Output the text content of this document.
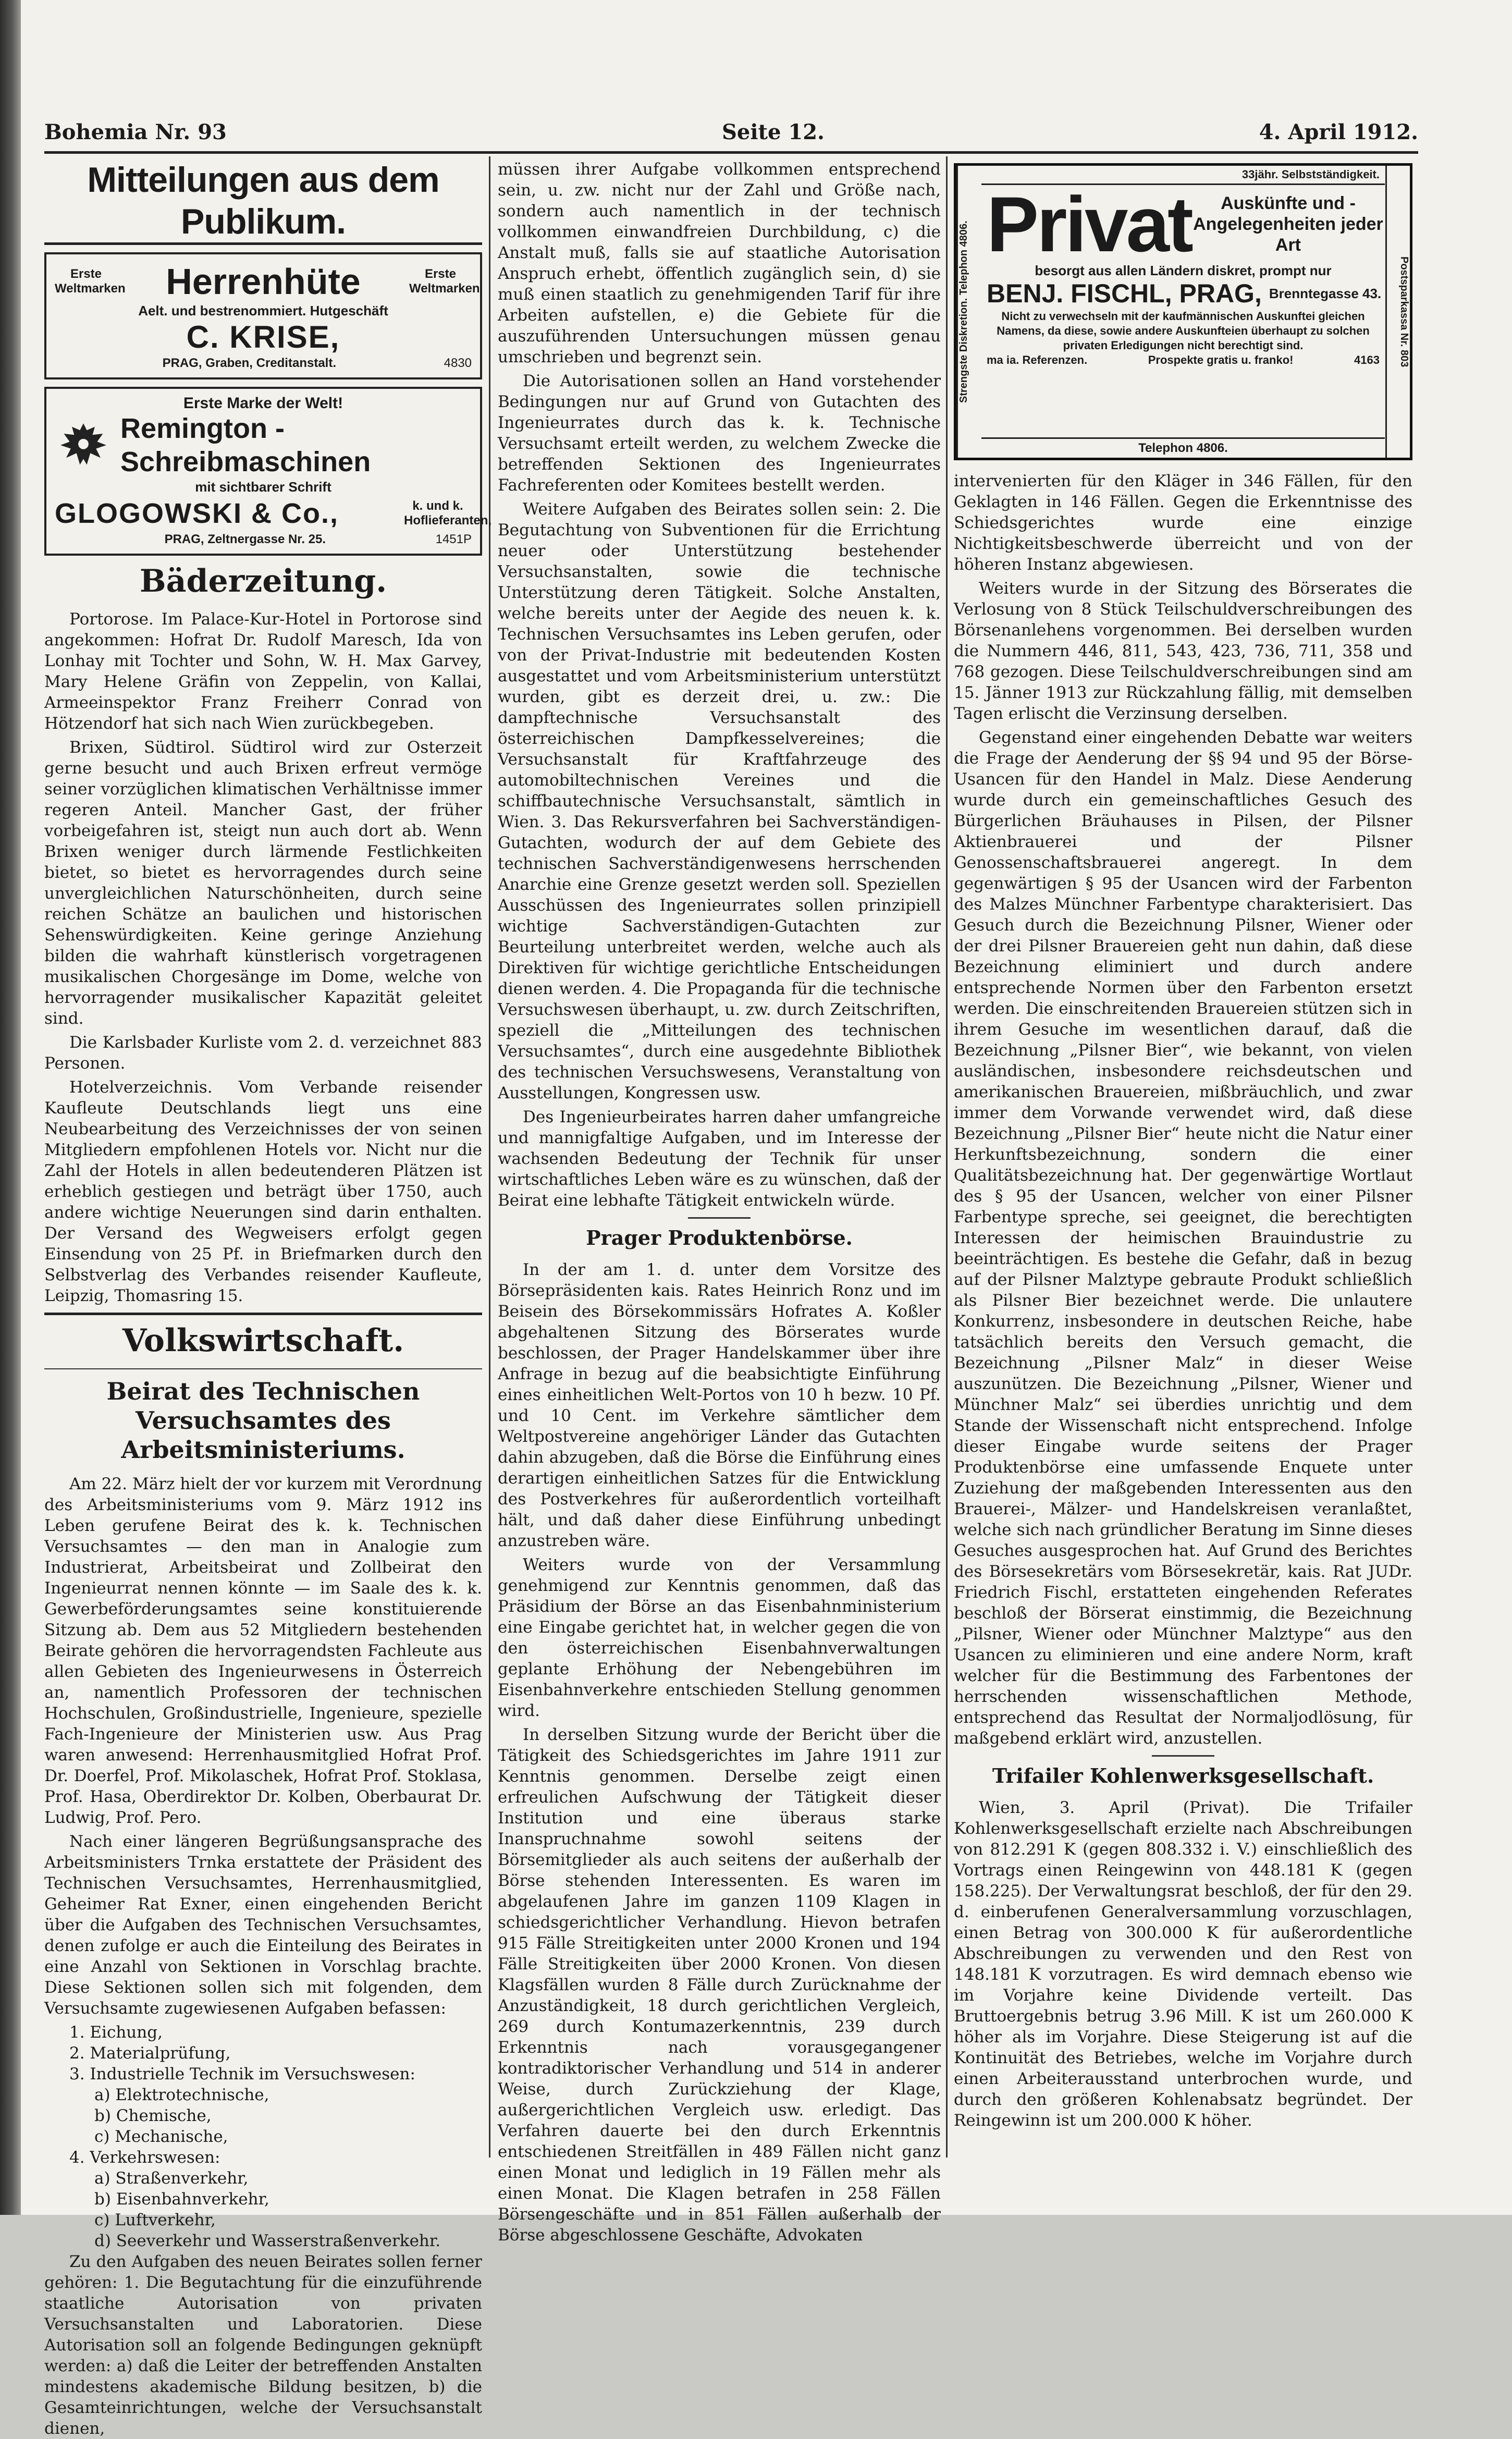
Bohemia Nr. 93	Seite 12.	4. April 1912.
Mitteilungen aus dem Publikum.
Erste Weltmarken Herrenhüte	Erste Weltmarken
Aelt. und bestrenommiert. Hutgeschäft
C. KRISE,
PRAG, Graben, Creditanstalt.	4830
Erste Marke der Welt!
Remington - Schreibmaschinen
mit sichtbarer Schrift
GLOGOWSKI & Co.,	k. und k. Hoflieferanten,
PRAG, Zeltnergasse Nr. 25.	1451P
Bäderzeitung.

Portorose. Im Palace-Kur-Hotel in Portorose sind angekommen: Hofrat Dr. Rudolf Maresch, Ida von Lonhay mit Tochter und Sohn, W. H. Max Garvey, Mary Helene Gräfin von Zeppelin, von Kallai, Armeeinspektor Franz Freiherr Conrad von Hötzendorf hat sich nach Wien zurückbegeben.

Brixen, Südtirol. Südtirol wird zur Osterzeit gerne besucht und auch Brixen erfreut vermöge seiner vorzüglichen klimatischen Verhältnisse immer regeren Anteil. Mancher Gast, der früher vorbeigefahren ist, steigt nun auch dort ab. Wenn Brixen weniger durch lärmende Festlichkeiten bietet, so bietet es hervorragendes durch seine unvergleichlichen Naturschönheiten, durch seine reichen Schätze an baulichen und historischen Sehenswürdigkeiten. Keine geringe Anziehung bilden die wahrhaft künstlerisch vorgetragenen musikalischen Chorgesänge im Dome, welche von hervorragender musikalischer Kapazität geleitet sind.

Die Karlsbader Kurliste vom 2. d. verzeichnet 883 Personen.

Hotelverzeichnis. Vom Verbande reisender Kaufleute Deutschlands liegt uns eine Neubearbeitung des Verzeichnisses der von seinen Mitgliedern empfohlenen Hotels vor. Nicht nur die Zahl der Hotels in allen bedeutenderen Plätzen ist erheblich gestiegen und beträgt über 1750, auch andere wichtige Neuerungen sind darin enthalten. Der Versand des Wegweisers erfolgt gegen Einsendung von 25 Pf. in Briefmarken durch den Selbstverlag des Verbandes reisender Kaufleute, Leipzig, Thomasring 15.

Volkswirtschaft.
Beirat des Technischen Versuchsamtes des Arbeitsministeriums.

Am 22. März hielt der vor kurzem mit Verordnung des Arbeitsministeriums vom 9. März 1912 ins Leben gerufene Beirat des k. k. Technischen Versuchsamtes — den man in Analogie zum Industrierat, Arbeitsbeirat und Zollbeirat den Ingenieurrat nennen könnte — im Saale des k. k. Gewerbeförderungsamtes seine konstituierende Sitzung ab. Dem aus 52 Mitgliedern bestehenden Beirate gehören die hervorragendsten Fachleute aus allen Gebieten des Ingenieurwesens in Österreich an, namentlich Professoren der technischen Hochschulen, Großindustrielle, Ingenieure, spezielle Fach-Ingenieure der Ministerien usw. Aus Prag waren anwesend: Herrenhausmitglied Hofrat Prof. Dr. Doerfel, Prof. Mikolaschek, Hofrat Prof. Stoklasa, Prof. Hasa, Oberdirektor Dr. Kolben, Oberbaurat Dr. Ludwig, Prof. Pero.

Nach einer längeren Begrüßungsansprache des Arbeitsministers Trnka erstattete der Präsident des Technischen Versuchsamtes, Herrenhausmitglied, Geheimer Rat Exner, einen eingehenden Bericht über die Aufgaben des Technischen Versuchsamtes, denen zufolge er auch die Einteilung des Beirates in eine Anzahl von Sektionen in Vorschlag brachte. Diese Sektionen sollen sich mit folgenden, dem Versuchsamte zugewiesenen Aufgaben befassen:

1. Eichung,

2. Materialprüfung,

3. Industrielle Technik im Versuchswesen:

a) Elektrotechnische,

b) Chemische,

c) Mechanische,

4. Verkehrswesen:

a) Straßenverkehr,

b) Eisenbahnverkehr,

c) Luftverkehr,

d) Seeverkehr und Wasserstraßenverkehr.

Zu den Aufgaben des neuen Beirates sollen ferner gehören: 1. Die Begutachtung für die einzuführende staatliche Autorisation von privaten Versuchsanstalten und Laboratorien. Diese Autorisation soll an folgende Bedingungen geknüpft werden: a) daß die Leiter der betreffenden Anstalten mindestens akademische Bildung besitzen, b) die Gesamteinrichtungen, welche der Versuchsanstalt dienen,

müssen ihrer Aufgabe vollkommen entsprechend sein, u. zw. nicht nur der Zahl und Größe nach, sondern auch namentlich in der technisch vollkommen einwandfreien Durchbildung, c) die Anstalt muß, falls sie auf staatliche Autorisation Anspruch erhebt, öffentlich zugänglich sein, d) sie muß einen staatlich zu genehmigenden Tarif für ihre Arbeiten aufstellen, e) die Gebiete für die auszuführenden Untersuchungen müssen genau umschrieben und begrenzt sein.

Die Autorisationen sollen an Hand vorstehender Bedingungen nur auf Grund von Gutachten des Ingenieurrates durch das k. k. Technische Versuchsamt erteilt werden, zu welchem Zwecke die betreffenden Sektionen des Ingenieurrates Fachreferenten oder Komitees bestellt werden.

Weitere Aufgaben des Beirates sollen sein: 2. Die Begutachtung von Subventionen für die Errichtung neuer oder Unterstützung bestehender Versuchsanstalten, sowie die technische Unterstützung deren Tätigkeit. Solche Anstalten, welche bereits unter der Aegide des neuen k. k. Technischen Versuchsamtes ins Leben gerufen, oder von der Privat-Industrie mit bedeutenden Kosten ausgestattet und vom Arbeitsministerium unterstützt wurden, gibt es derzeit drei, u. zw.: Die dampftechnische Versuchsanstalt des österreichischen Dampfkesselvereines; die Versuchsanstalt für Kraftfahrzeuge des automobiltechnischen Vereines und die schiffbautechnische Versuchsanstalt, sämtlich in Wien. 3. Das Rekursverfahren bei Sachverständigen-Gutachten, wodurch der auf dem Gebiete des technischen Sachverständigenwesens herrschenden Anarchie eine Grenze gesetzt werden soll. Speziellen Ausschüssen des Ingenieurrates sollen prinzipiell wichtige Sachverständigen-Gutachten zur Beurteilung unterbreitet werden, welche auch als Direktiven für wichtige gerichtliche Entscheidungen dienen werden. 4. Die Propaganda für die technische Versuchswesen überhaupt, u. zw. durch Zeitschriften, speziell die „Mitteilungen des technischen Versuchsamtes“, durch eine ausgedehnte Bibliothek des technischen Versuchswesens, Veranstaltung von Ausstellungen, Kongressen usw.

Des Ingenieurbeirates harren daher umfangreiche und mannigfaltige Aufgaben, und im Interesse der wachsenden Bedeutung der Technik für unser wirtschaftliches Leben wäre es zu wünschen, daß der Beirat eine lebhafte Tätigkeit entwickeln würde.

Prager Produktenbörse.

In der am 1. d. unter dem Vorsitze des Börsepräsidenten kais. Rates Heinrich Ronz und im Beisein des Börsekommissärs Hofrates A. Koßler abgehaltenen Sitzung des Börserates wurde beschlossen, der Prager Handelskammer über ihre Anfrage in bezug auf die beabsichtigte Einführung eines einheitlichen Welt-Portos von 10 h bezw. 10 Pf. und 10 Cent. im Verkehre sämtlicher dem Weltpostvereine angehöriger Länder das Gutachten dahin abzugeben, daß die Börse die Einführung eines derartigen einheitlichen Satzes für die Entwicklung des Postverkehres für außerordentlich vorteilhaft hält, und daß daher diese Einführung unbedingt anzustreben wäre.

Weiters wurde von der Versammlung genehmigend zur Kenntnis genommen, daß das Präsidium der Börse an das Eisenbahnministerium eine Eingabe gerichtet hat, in welcher gegen die von den österreichischen Eisenbahnverwaltungen geplante Erhöhung der Nebengebühren im Eisenbahnverkehre entschieden Stellung genommen wird.

In derselben Sitzung wurde der Bericht über die Tätigkeit des Schiedsgerichtes im Jahre 1911 zur Kenntnis genommen. Derselbe zeigt einen erfreulichen Aufschwung der Tätigkeit dieser Institution und eine überaus starke Inanspruchnahme sowohl seitens der Börsemitglieder als auch seitens der außerhalb der Börse stehenden Interessenten. Es waren im abgelaufenen Jahre im ganzen 1109 Klagen in schiedsgerichtlicher Verhandlung. Hievon betrafen 915 Fälle Streitigkeiten unter 2000 Kronen und 194 Fälle Streitigkeiten über 2000 Kronen. Von diesen Klagsfällen wurden 8 Fälle durch Zurücknahme der Anzuständigkeit, 18 durch gerichtlichen Vergleich, 269 durch Kontumazerkenntnis, 239 durch Erkenntnis nach vorausgegangener kontradiktorischer Verhandlung und 514 in anderer Weise, durch Zurückziehung der Klage, außergerichtlichen Vergleich usw. erledigt. Das Verfahren dauerte bei den durch Erkenntnis entschiedenen Streitfällen in 489 Fällen nicht ganz einen Monat und lediglich in 19 Fällen mehr als einen Monat. Die Klagen betrafen in 258 Fällen Börsengeschäfte und in 851 Fällen außerhalb der Börse abgeschlossene Geschäfte, Advokaten

Strengste Diskretion. Telephon 4806.	Postsparkassa Nr. 803
33jähr. Selbstständigkeit.
Privat	Auskünfte und -Angelegenheiten jeder Art
besorgt aus allen Ländern diskret, prompt nur
BENJ. FISCHL, PRAG, Brenntegasse 43.
Nicht zu verwechseln mit der kaufmännischen Auskunftei gleichen Namens, da diese, sowie andere Auskunfteien überhaupt zu solchen privaten Erledigungen nicht berechtigt sind.
ma ia. Referenzen.	Prospekte gratis u. franko!	4163
Telephon 4806.

intervenierten für den Kläger in 346 Fällen, für den Geklagten in 146 Fällen. Gegen die Erkenntnisse des Schiedsgerichtes wurde eine einzige Nichtigkeitsbeschwerde überreicht und von der höheren Instanz abgewiesen.

Weiters wurde in der Sitzung des Börserates die Verlosung von 8 Stück Teilschuldverschreibungen des Börsenanlehens vorgenommen. Bei derselben wurden die Nummern 446, 811, 543, 423, 736, 711, 358 und 768 gezogen. Diese Teilschuldverschreibungen sind am 15. Jänner 1913 zur Rückzahlung fällig, mit demselben Tagen erlischt die Verzinsung derselben.

Gegenstand einer eingehenden Debatte war weiters die Frage der Aenderung der §§ 94 und 95 der Börse-Usancen für den Handel in Malz. Diese Aenderung wurde durch ein gemeinschaftliches Gesuch des Bürgerlichen Bräuhauses in Pilsen, der Pilsner Aktienbrauerei und der Pilsner Genossenschaftsbrauerei angeregt. In dem gegenwärtigen § 95 der Usancen wird der Farbenton des Malzes Münchner Farbentype charakterisiert. Das Gesuch durch die Bezeichnung Pilsner, Wiener oder der drei Pilsner Brauereien geht nun dahin, daß diese Bezeichnung eliminiert und durch andere entsprechende Normen über den Farbenton ersetzt werden. Die einschreitenden Brauereien stützen sich in ihrem Gesuche im wesentlichen darauf, daß die Bezeichnung „Pilsner Bier“, wie bekannt, von vielen ausländischen, insbesondere reichsdeutschen und amerikanischen Brauereien, mißbräuchlich, und zwar immer dem Vorwande verwendet wird, daß diese Bezeichnung „Pilsner Bier“ heute nicht die Natur einer Herkunftsbezeichnung, sondern die einer Qualitätsbezeichnung hat. Der gegenwärtige Wortlaut des § 95 der Usancen, welcher von einer Pilsner Farbentype spreche, sei geeignet, die berechtigten Interessen der heimischen Brauindustrie zu beeinträchtigen. Es bestehe die Gefahr, daß in bezug auf der Pilsner Malztype gebraute Produkt schließlich als Pilsner Bier bezeichnet werde. Die unlautere Konkurrenz, insbesondere in deutschen Reiche, habe tatsächlich bereits den Versuch gemacht, die Bezeichnung „Pilsner Malz“ in dieser Weise auszunützen. Die Bezeichnung „Pilsner, Wiener und Münchner Malz“ sei überdies unrichtig und dem Stande der Wissenschaft nicht entsprechend. Infolge dieser Eingabe wurde seitens der Prager Produktenbörse eine umfassende Enquete unter Zuziehung der maßgebenden Interessenten aus den Brauerei-, Mälzer- und Handelskreisen veranlaßtet, welche sich nach gründlicher Beratung im Sinne dieses Gesuches ausgesprochen hat. Auf Grund des Berichtes des Börsesekretärs vom Börsesekretär, kais. Rat JUDr. Friedrich Fischl, erstatteten eingehenden Referates beschloß der Börserat einstimmig, die Bezeichnung „Pilsner, Wiener oder Münchner Malztype“ aus den Usancen zu eliminieren und eine andere Norm, kraft welcher für die Bestimmung des Farbentones der herrschenden wissenschaftlichen Methode, entsprechend das Resultat der Normaljodlösung, für maßgebend erklärt wird, anzustellen.

Trifailer Kohlenwerksgesellschaft.

Wien, 3. April (Privat). Die Trifailer Kohlenwerksgesellschaft erzielte nach Abschreibungen von 812.291 K (gegen 808.332 i. V.) einschließlich des Vortrags einen Reingewinn von 448.181 K (gegen 158.225). Der Verwaltungsrat beschloß, der für den 29. d. einberufenen Generalversammlung vorzuschlagen, einen Betrag von 300.000 K für außerordentliche Abschreibungen zu verwenden und den Rest von 148.181 K vorzutragen. Es wird demnach ebenso wie im Vorjahre keine Dividende verteilt. Das Bruttoergebnis betrug 3.96 Mill. K ist um 260.000 K höher als im Vorjahre. Diese Steigerung ist auf die Kontinuität des Betriebes, welche im Vorjahre durch einen Arbeiterausstand unterbrochen wurde, und durch den größeren Kohlenabsatz begründet. Der Reingewinn ist um 200.000 K höher.
